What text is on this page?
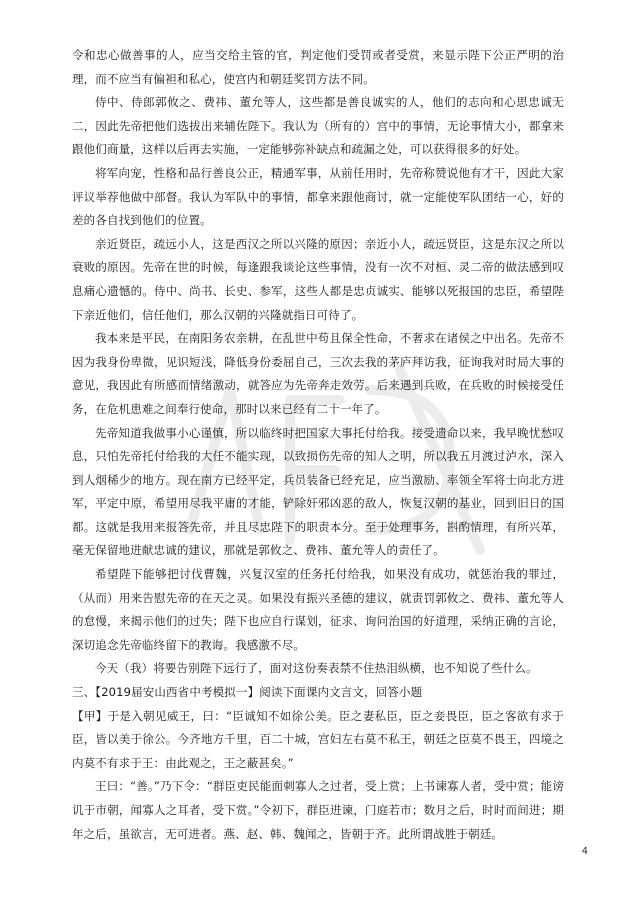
令和忠心做善事的人，应当交给主管的官，判定他们受罚或者受赏，来显示陛下公正严明的治理，而不应当有偏袒和私心，使宫内和朝廷奖罚方法不同。

侍中、侍郎郭攸之、费祎、董允等人，这些都是善良诚实的人，他们的志向和心思忠诚无二，因此先帝把他们选拔出来辅佐陛下。我认为（所有的）宫中的事情，无论事情大小，都拿来跟他们商量，这样以后再去实施，一定能够弥补缺点和疏漏之处，可以获得很多的好处。

将军向宠，性格和品行善良公正，精通军事，从前任用时，先帝称赞说他有才干，因此大家评议举荐他做中部督。我认为军队中的事情，都拿来跟他商讨，就一定能使军队团结一心，好的差的各自找到他们的位置。

亲近贤臣，疏远小人，这是西汉之所以兴隆的原因；亲近小人，疏远贤臣，这是东汉之所以衰败的原因。先帝在世的时候，每逢跟我谈论这些事情，没有一次不对桓、灵二帝的做法感到叹息痛心遗憾的。侍中、尚书、长史、参军，这些人都是忠贞诚实、能够以死报国的忠臣，希望陛下亲近他们，信任他们，那么汉朝的兴隆就指日可待了。

我本来是平民，在南阳务农亲耕，在乱世中苟且保全性命，不奢求在诸侯之中出名。先帝不因为我身份卑微，见识短浅，降低身份委屈自己，三次去我的茅庐拜访我，征询我对时局大事的意见，我因此有所感而情绪激动，就答应为先帝奔走效劳。后来遇到兵败，在兵败的时候接受任务，在危机患难之间奉行使命，那时以来已经有二十一年了。

先帝知道我做事小心谨慎，所以临终时把国家大事托付给我。接受遗命以来，我早晚忧愁叹息，只怕先帝托付给我的大任不能实现，以致损伤先帝的知人之明，所以我五月渡过泸水，深入到人烟稀少的地方。现在南方已经平定，兵员装备已经充足，应当激励、率领全军将士向北方进军，平定中原，希望用尽我平庸的才能，铲除奸邪凶恶的敌人，恢复汉朝的基业，回到旧日的国都。这就是我用来报答先帝，并且尽忠陛下的职责本分。至于处理事务，斟酌情理，有所兴革，毫无保留地进献忠诚的建议，那就是郭攸之、费祎、董允等人的责任了。

希望陛下能够把讨伐曹魏，兴复汉室的任务托付给我，如果没有成功，就惩治我的罪过，（从而）用来告慰先帝的在天之灵。如果没有振兴圣德的建议，就责罚郭攸之、费祎、董允等人的怠慢，来揭示他们的过失；陛下也应自行谋划，征求、询问治国的好道理，采纳正确的言论，深切追念先帝临终留下的教诲。我感激不尽。

今天（我）将要告别陛下远行了，面对这份奏表禁不住热泪纵横，也不知说了些什么。

三、【2019届安山西省中考模拟一】阅读下面课内文言文，回答小题

【甲】于是入朝见威王，曰：“臣诚知不如徐公美。臣之妻私臣，臣之妾畏臣，臣之客欲有求于臣，皆以美于徐公。今齐地方千里，百二十城，宫妇左右莫不私王，朝廷之臣莫不畏王，四境之内莫不有求于王：由此观之，王之蔽甚矣。”

王曰：“善。”乃下令：“群臣吏民能面刺寡人之过者，受上赏；上书谏寡人者，受中赏；能谤讥于市朝，闻寡人之耳者，受下赏。”令初下，群臣进谏，门庭若市；数月之后，时时而间进；期年之后，虽欲言，无可进者。燕、赵、韩、魏闻之，皆朝于齐。此所谓战胜于朝廷。

4
